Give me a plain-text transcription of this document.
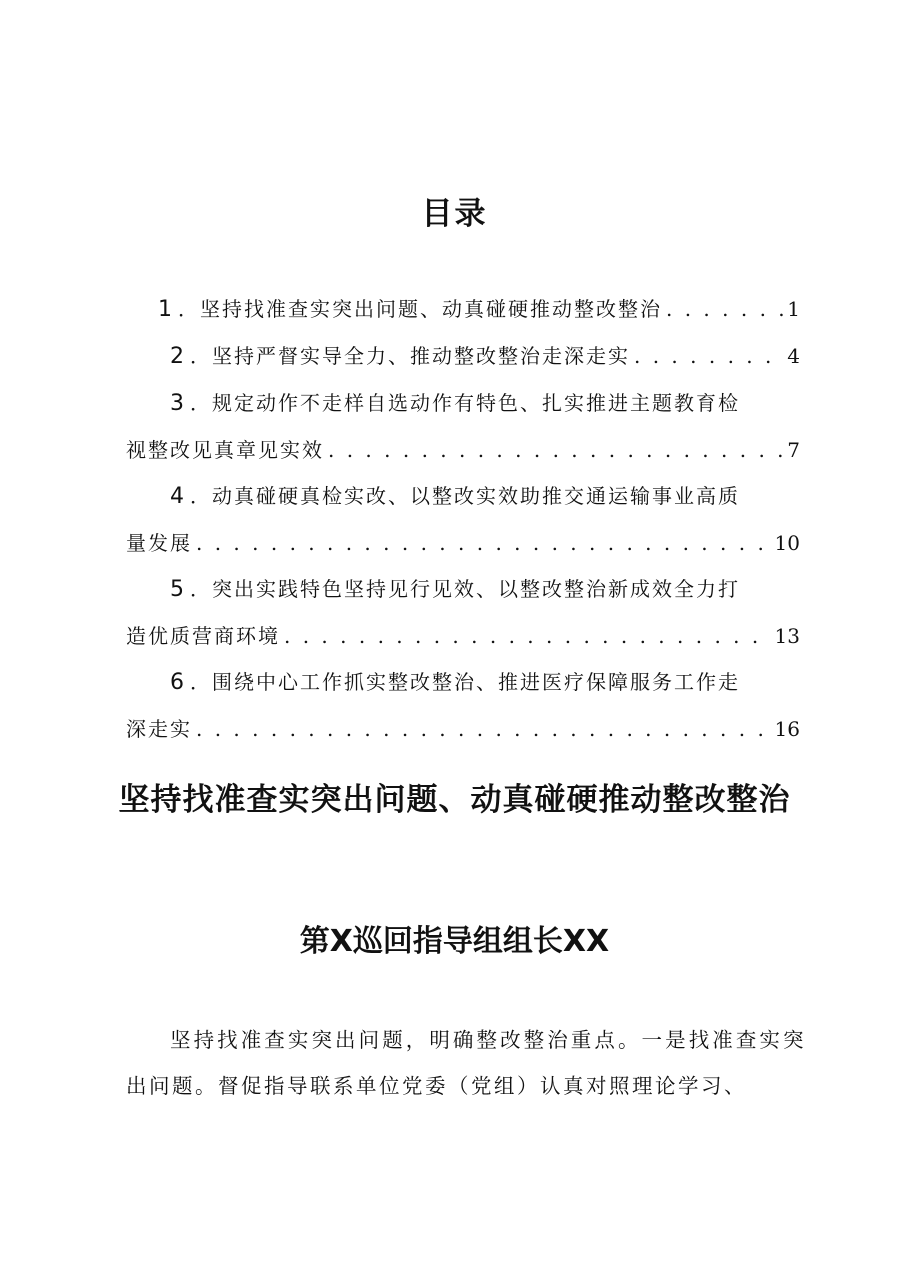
目录
1 ．坚持找准查实突出问题、动真碰硬推动整改整治 . . .	1
2 ．坚持严督实导全力、推动整改整治走深走实 . . .	4
3 ．规定动作不走样自选动作有特色、扎实推进主题教育检
视整改见真章见实效 . . .	7
4 ．动真碰硬真检实改、以整改实效助推交通运输事业高质
量发展 . . .	10
5 ．突出实践特色坚持见行见效、以整改整治新成效全力打
造优质营商环境 . . .	13
6 ．围绕中心工作抓实整改整治、推进医疗保障服务工作走
深走实 . . .	16
坚持找准查实突出问题、动真碰硬推动整改整治
第X巡回指导组组长XX
坚持找准查实突出问题，明确整改整治重点。一是找准查实突出问题。督促指导联系单位党委（党组）认真对照理论学习、
